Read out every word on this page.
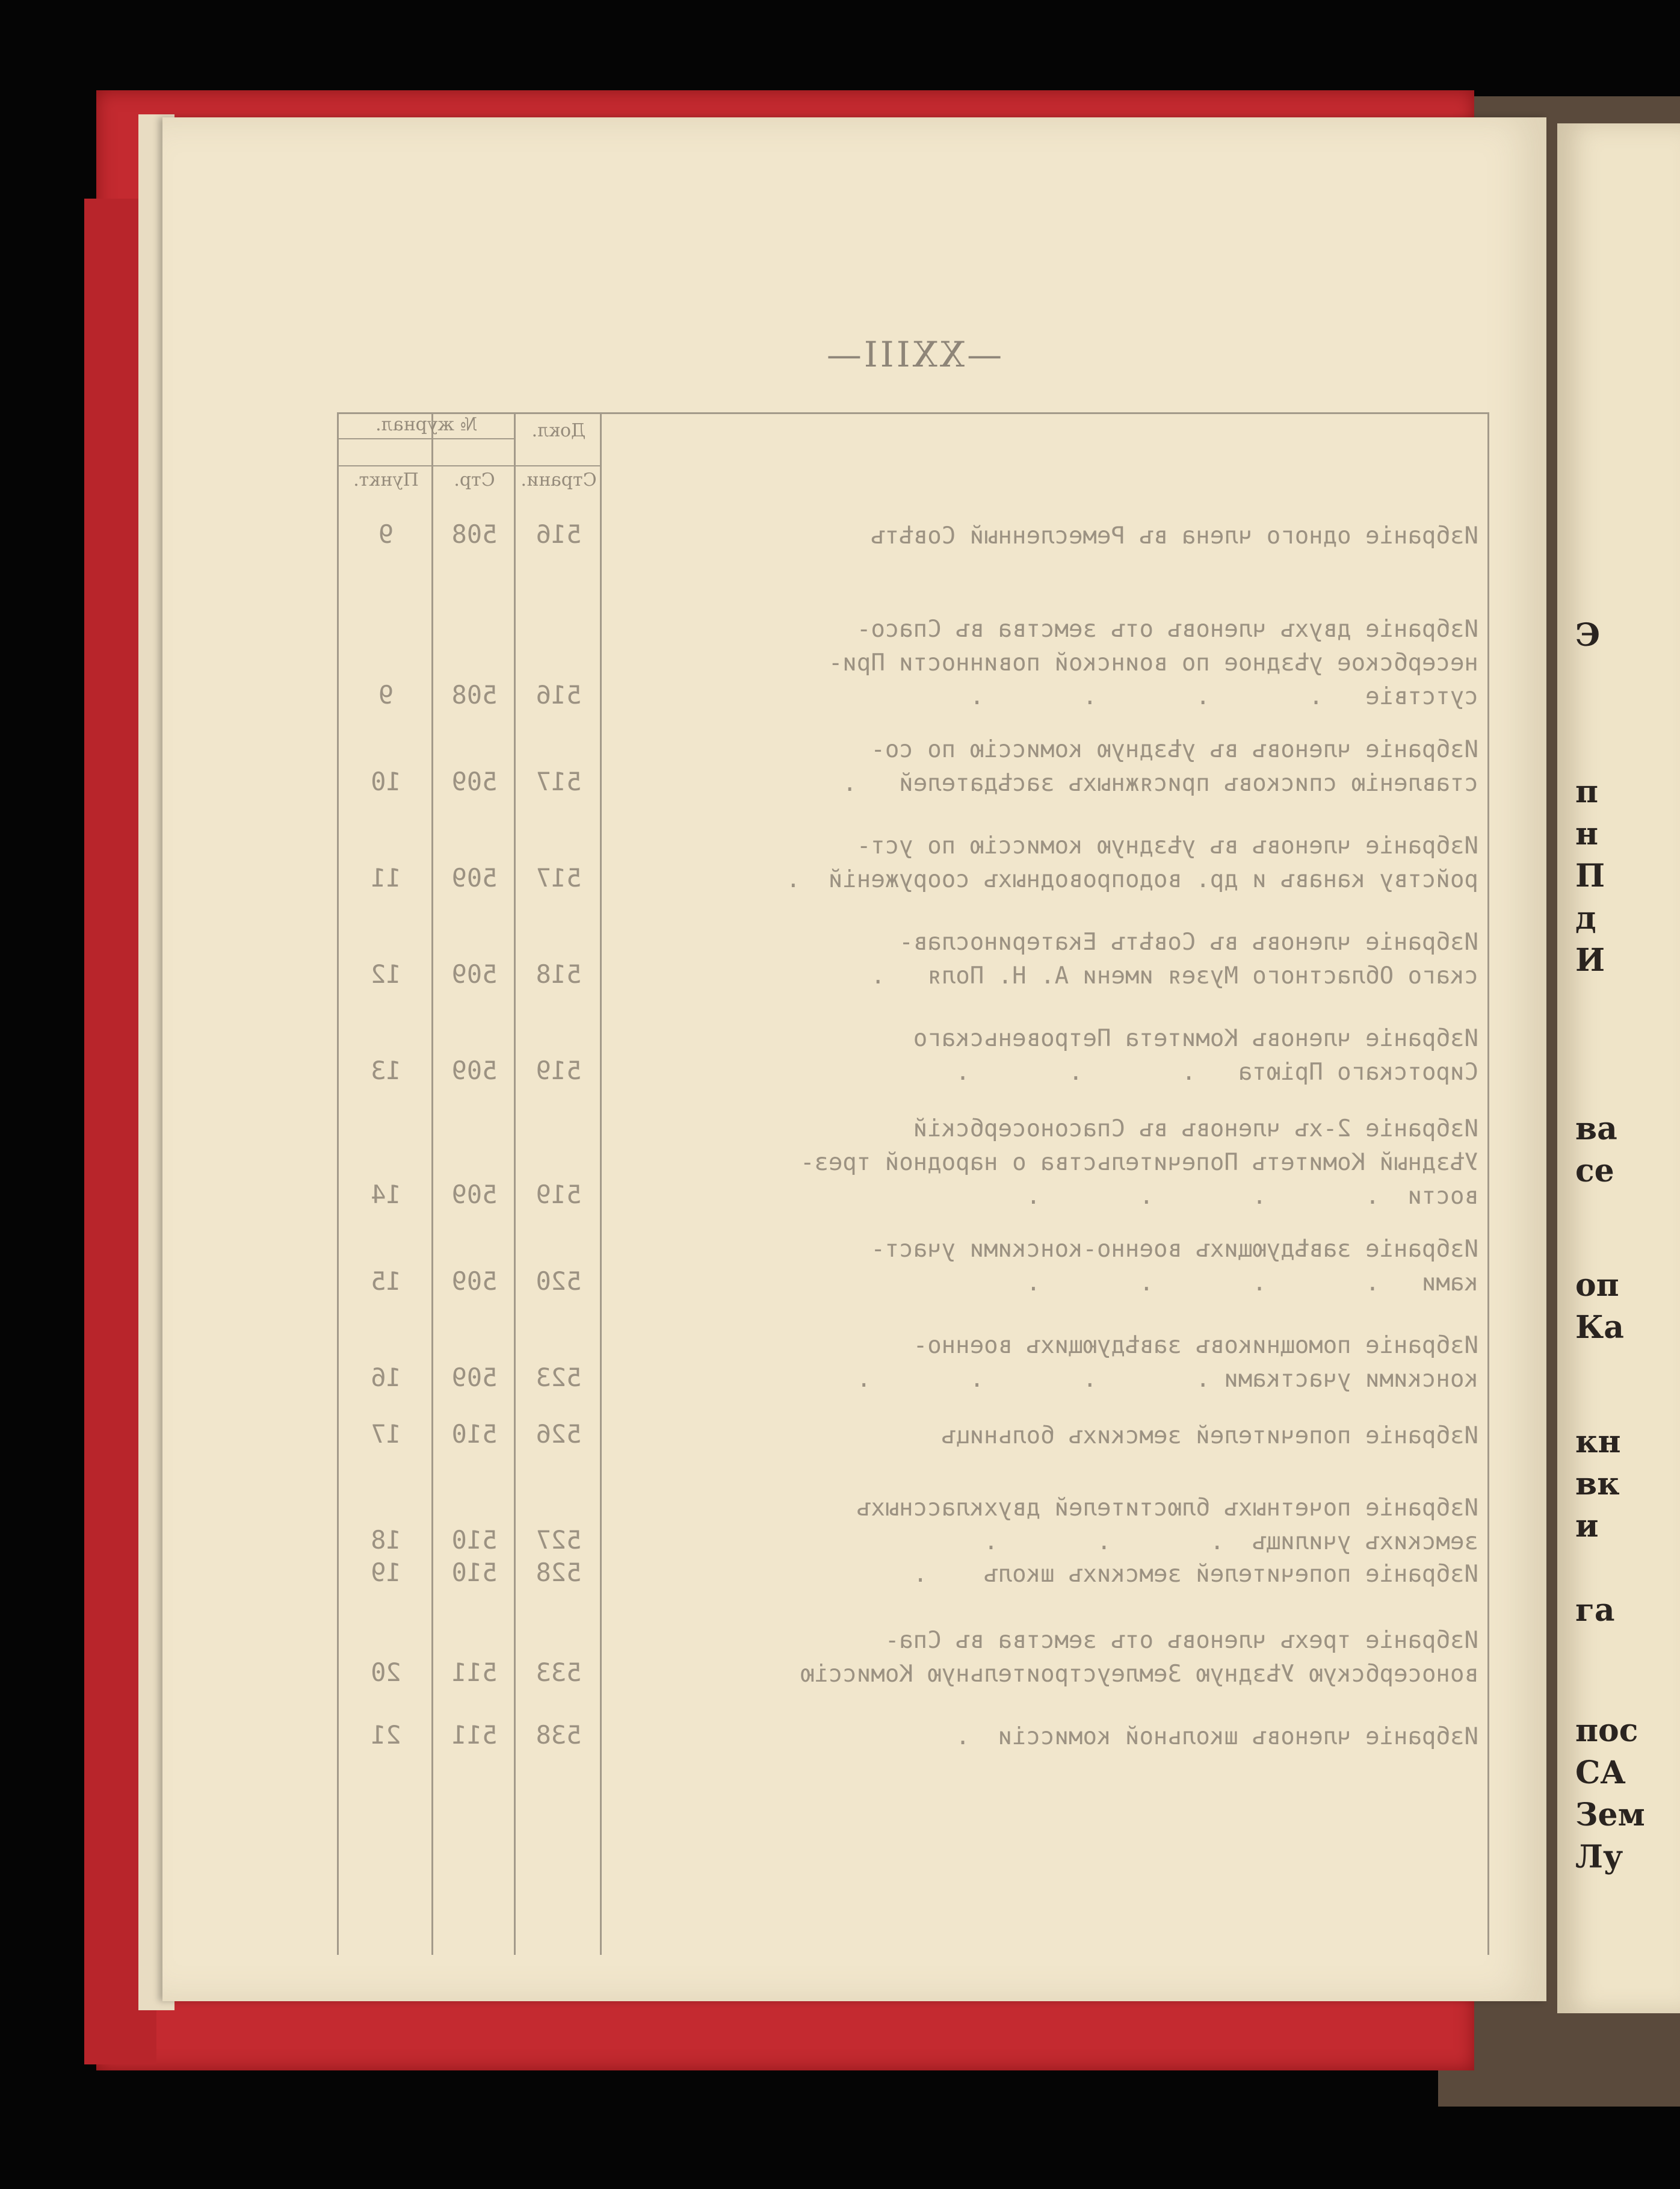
Э
п
н
П
д
И
ва
се
оп
Ка
кн
вк
и
га
пос
СА
Зем
Лу
—XXIII—
Докл.
Страни.
№ журнал.
Стр.
Пункт.
Избраніе одного члена въ Ремесленный Совѣтъ
516
508
9
Избраніе двухъ членовъ отъ земства въ Спасо-
несербское уѣздное по воинской повинности При-
сутствіе   .       .       .       .
516
508
9
Избраніе членовъ въ уѣздную комиссію по со-
ставленію списковъ присяжныхъ засѣдателей   .
517
509
10
Избраніе членовъ въ уѣздную комиссію по уст-
ройству канавъ и др. водопроводныхъ сооруженій  .
517
509
11
Избраніе членовъ въ Совѣтъ Екатеринослав-
скаго Областного Музея имени А. Н. Поля   .
518
509
12
Избраніе членовъ Комитета Петровеньскаго
Сиротскаго Пріюта   .       .       .
519
509
13
Избраніе 2-хъ членовъ въ Спасоносербскій
Уѣздный Комитетъ Попечительства о народной трез-
вости  .       .       .       .
519
509
14
Избраніе завѣдующихъ военно-конскими участ-
ками   .       .       .       .
520
509
15
Избраніе помощниковъ завѣдующихъ военно-
конскими участками .       .       .       .
523
509
16
Избраніе попечителей земскихъ больницъ
526
510
17
Избраніе почетныхъ блюстителей двухклассныхъ
земскихъ училищъ  .       .       .
527
510
18
Избраніе попечителей земскихъ школъ    .
528
510
19
Избраніе трехъ членовъ отъ земства въ Спа-
воносербскую Уѣздную Землеустроительную Комиссію
533
511
20
Избраніе членовъ школьной комиссіи  .
538
511
21
